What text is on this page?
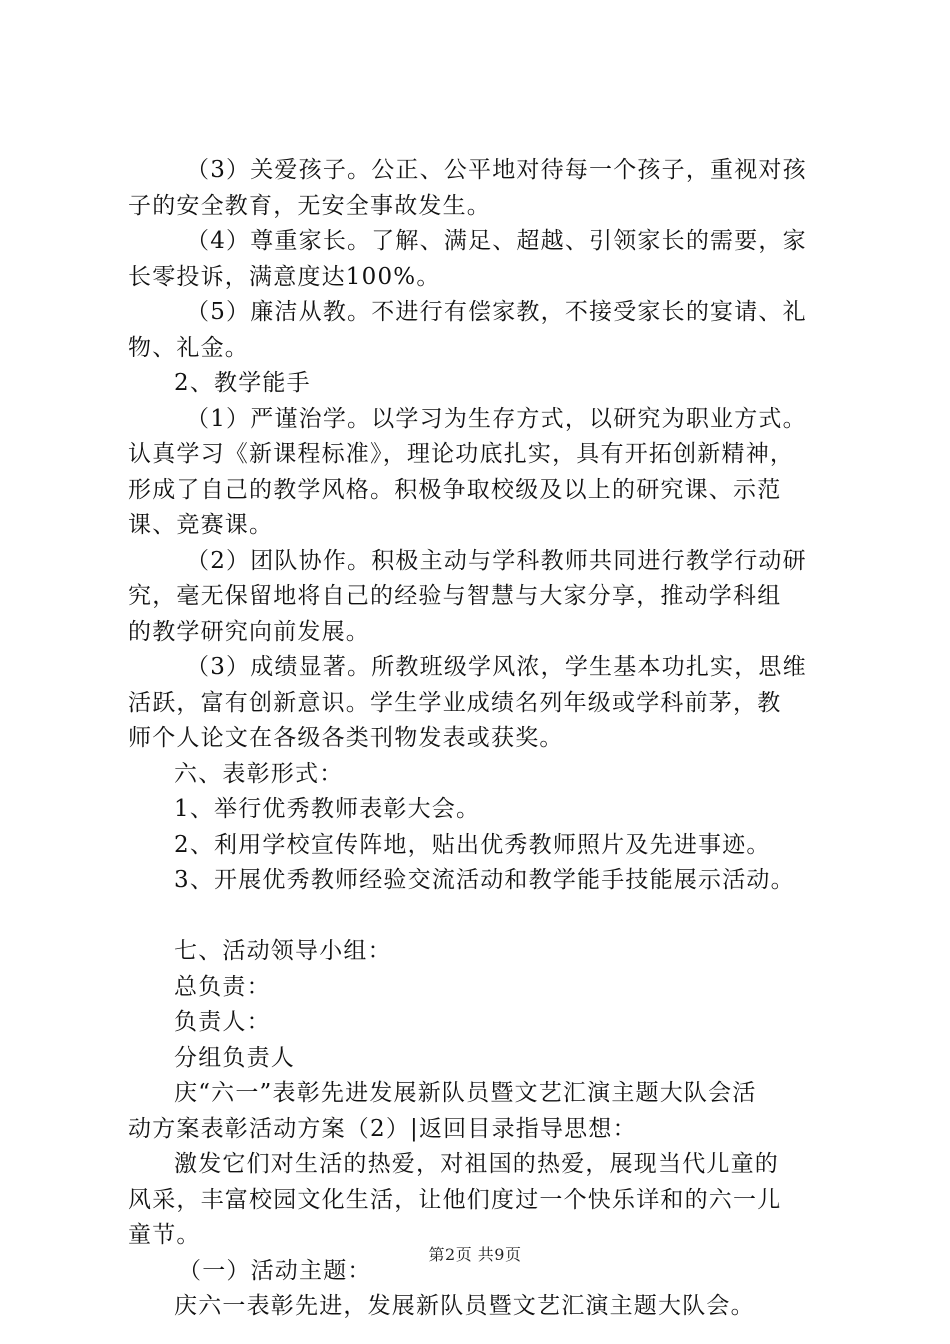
（3）关爱孩子。公正、公平地对待每一个孩子，重视对孩
子的安全教育，无安全事故发生。
（4）尊重家长。了解、满足、超越、引领家长的需要，家
长零投诉，满意度达100%。
（5）廉洁从教。不进行有偿家教，不接受家长的宴请、礼
物、礼金。
2、教学能手
（1）严谨治学。以学习为生存方式，以研究为职业方式。
认真学习《新课程标准》，理论功底扎实，具有开拓创新精神，
形成了自己的教学风格。积极争取校级及以上的研究课、示范
课、竞赛课。
（2）团队协作。积极主动与学科教师共同进行教学行动研
究，毫无保留地将自己的经验与智慧与大家分享，推动学科组
的教学研究向前发展。
（3）成绩显著。所教班级学风浓，学生基本功扎实，思维
活跃，富有创新意识。学生学业成绩名列年级或学科前茅，教
师个人论文在各级各类刊物发表或获奖。
六、表彰形式：
1、举行优秀教师表彰大会。
2、利用学校宣传阵地，贴出优秀教师照片及先进事迹。
3、开展优秀教师经验交流活动和教学能手技能展示活动。
七、活动领导小组：
总负责：
负责人：
分组负责人
庆“六一”表彰先进发展新队员暨文艺汇演主题大队会活
动方案表彰活动方案（2）|返回目录指导思想：
激发它们对生活的热爱，对祖国的热爱，展现当代儿童的
风采，丰富校园文化生活，让他们度过一个快乐详和的六一儿
童节。
（一）活动主题：
庆六一表彰先进，发展新队员暨文艺汇演主题大队会。
第2页 共9页
